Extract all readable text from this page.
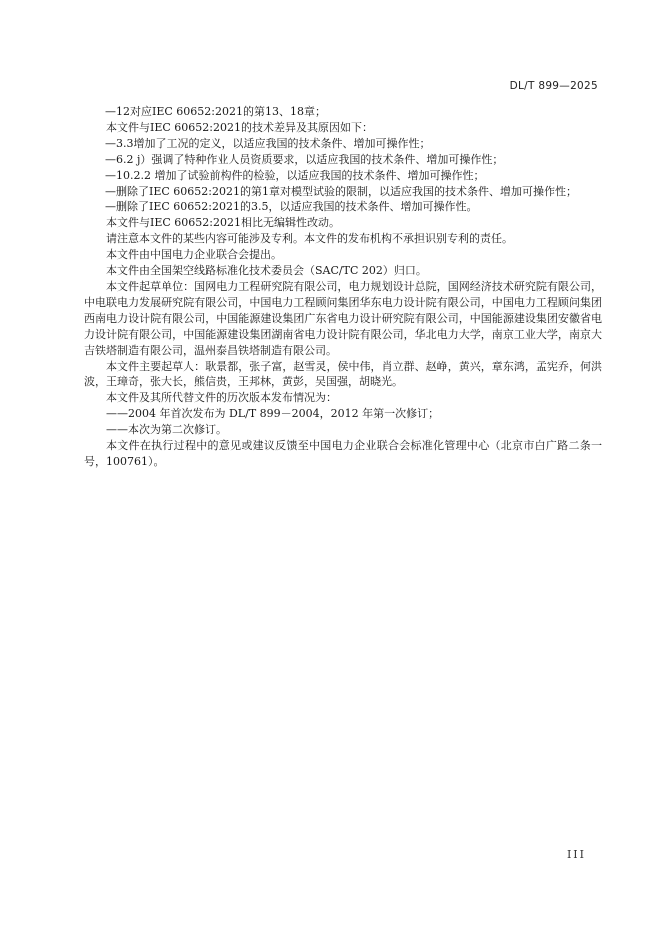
DL/T 899—2025

—12对应IEC 60652:2021的第13、18章；

本文件与IEC 60652:2021的技术差异及其原因如下：

—3.3增加了工况的定义，以适应我国的技术条件、增加可操作性；

—6.2 j）强调了特种作业人员资质要求，以适应我国的技术条件、增加可操作性；

—10.2.2 增加了试验前构件的检验，以适应我国的技术条件、增加可操作性；

—删除了IEC 60652:2021的第1章对模型试验的限制，以适应我国的技术条件、增加可操作性；

—删除了IEC 60652:2021的3.5，以适应我国的技术条件、增加可操作性。

本文件与IEC 60652:2021相比无编辑性改动。

请注意本文件的某些内容可能涉及专利。本文件的发布机构不承担识别专利的责任。

本文件由中国电力企业联合会提出。

本文件由全国架空线路标准化技术委员会（SAC/TC 202）归口。

本文件起草单位：国网电力工程研究院有限公司，电力规划设计总院，国网经济技术研究院有限公司，中电联电力发展研究院有限公司，中国电力工程顾问集团华东电力设计院有限公司，中国电力工程顾问集团西南电力设计院有限公司，中国能源建设集团广东省电力设计研究院有限公司，中国能源建设集团安徽省电力设计院有限公司，中国能源建设集团湖南省电力设计院有限公司，华北电力大学，南京工业大学，南京大吉铁塔制造有限公司，温州泰昌铁塔制造有限公司。

本文件主要起草人：耿景都，张子富，赵雪灵，侯中伟，肖立群、赵峥，黄兴，章东鸿，孟宪乔，何洪波，王璋奇，张大长，熊信贵，王邦林，黄彭，吴国强，胡晓光。

本文件及其所代替文件的历次版本发布情况为：

——2004 年首次发布为 DL/T 899－2004，2012 年第一次修订；

——本次为第二次修订。

本文件在执行过程中的意见或建议反馈至中国电力企业联合会标准化管理中心（北京市白广路二条一号，100761）。

III
